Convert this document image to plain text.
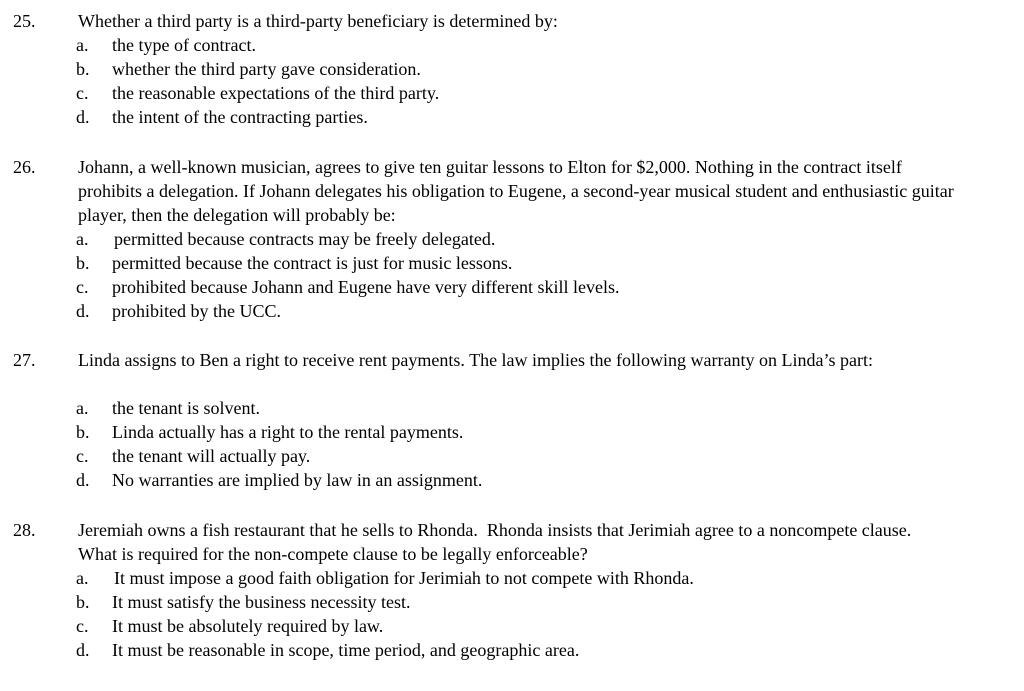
25. Whether a third party is a third-party beneficiary is determined by:
a. the type of contract.
b. whether the third party gave consideration.
c. the reasonable expectations of the third party.
d. the intent of the contracting parties.
26. Johann, a well-known musician, agrees to give ten guitar lessons to Elton for $2,000. Nothing in the contract itself prohibits a delegation. If Johann delegates his obligation to Eugene, a second-year musical student and enthusiastic guitar player, then the delegation will probably be:
a. permitted because contracts may be freely delegated.
b. permitted because the contract is just for music lessons.
c. prohibited because Johann and Eugene have very different skill levels.
d. prohibited by the UCC.
27. Linda assigns to Ben a right to receive rent payments. The law implies the following warranty on Linda’s part:
a. the tenant is solvent.
b. Linda actually has a right to the rental payments.
c. the tenant will actually pay.
d. No warranties are implied by law in an assignment.
28. Jeremiah owns a fish restaurant that he sells to Rhonda.  Rhonda insists that Jerimiah agree to a noncompete clause.  What is required for the non-compete clause to be legally enforceable?
a. It must impose a good faith obligation for Jerimiah to not compete with Rhonda.
b. It must satisfy the business necessity test.
c. It must be absolutely required by law.
d. It must be reasonable in scope, time period, and geographic area.
